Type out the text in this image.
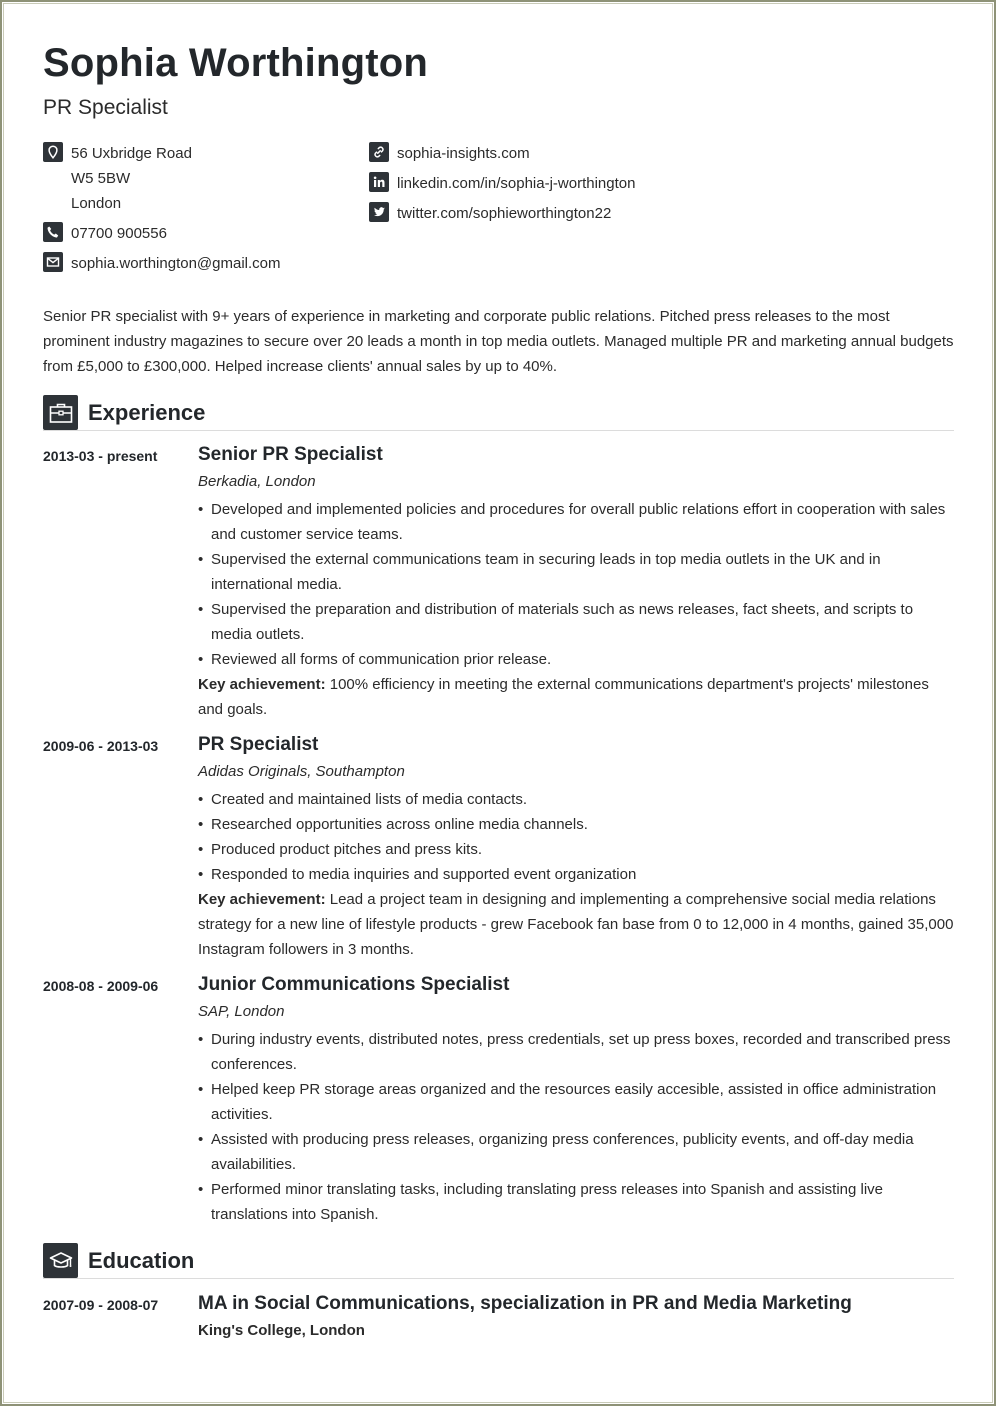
Sophia Worthington
PR Specialist
56 Uxbridge Road
W5 5BW
London
07700 900556
sophia.worthington@gmail.com
sophia-insights.com
linkedin.com/in/sophia-j-worthington
twitter.com/sophieworthington22

Senior PR specialist with 9+ years of experience in marketing and corporate public relations. Pitched press releases to the most prominent industry magazines to secure over 20 leads a month in top media outlets. Managed multiple PR and marketing annual budgets from £5,000 to £300,000. Helped increase clients' annual sales by up to 40%.

Experience
2013-03 - present	Senior PR Specialist
Berkadia, London
• Developed and implemented policies and procedures for overall public relations effort in cooperation with sales and customer service teams.
• Supervised the external communications team in securing leads in top media outlets in the UK and in international media.
• Supervised the preparation and distribution of materials such as news releases, fact sheets, and scripts to media outlets.
• Reviewed all forms of communication prior release.

Key achievement: 100% efficiency in meeting the external communications department's projects' milestones and goals.

2009-06 - 2013-03	PR Specialist
Adidas Originals, Southampton
• Created and maintained lists of media contacts.
• Researched opportunities across online media channels.
• Produced product pitches and press kits.
• Responded to media inquiries and supported event organization

Key achievement: Lead a project team in designing and implementing a comprehensive social media relations strategy for a new line of lifestyle products - grew Facebook fan base from 0 to 12,000 in 4 months, gained 35,000 Instagram followers in 3 months.

2008-08 - 2009-06	Junior Communications Specialist
SAP, London
• During industry events, distributed notes, press credentials, set up press boxes, recorded and transcribed press conferences.
• Helped keep PR storage areas organized and the resources easily accesible, assisted in office administration activities.
• Assisted with producing press releases, organizing press conferences, publicity events, and off-day media availabilities.
• Performed minor translating tasks, including translating press releases into Spanish and assisting live translations into Spanish.
Education
2007-09 - 2008-07	MA in Social Communications, specialization in PR and Media Marketing
King's College, London
